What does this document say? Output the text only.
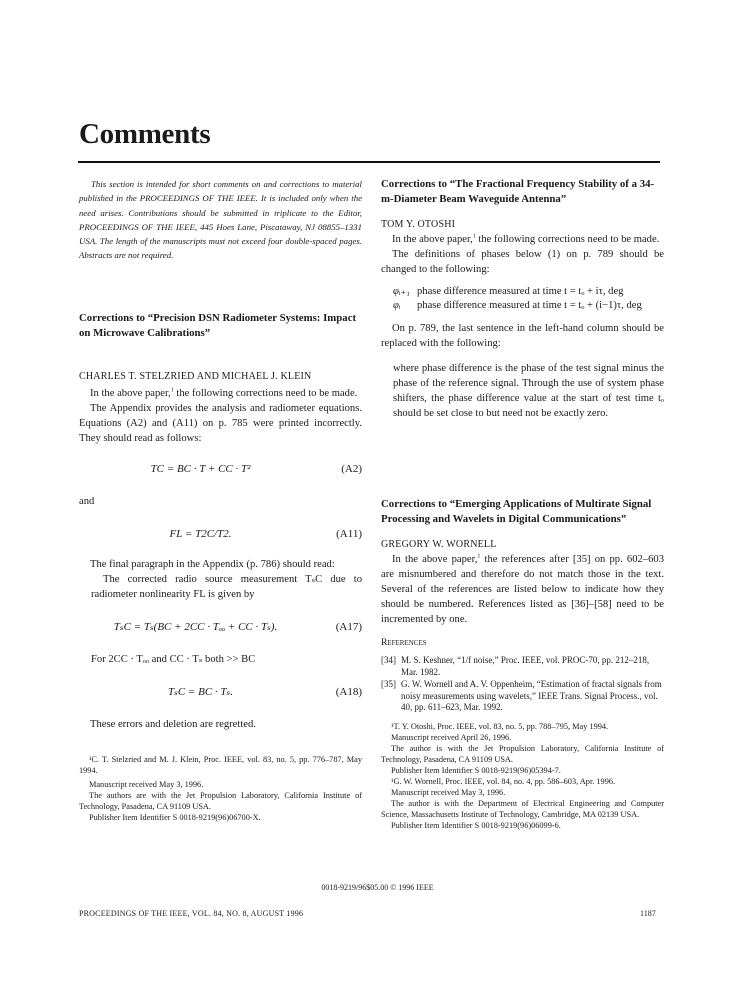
Comments

This section is intended for short comments on and corrections to material published in the PROCEEDINGS OF THE IEEE. It is included only when the need arises. Contributions should be submitted in triplicate to the Editor, PROCEEDINGS OF THE IEEE, 445 Hoes Lane, Piscataway, NJ 08855–1331 USA. The length of the manuscripts must not exceed four double-spaced pages. Abstracts are not required.

Corrections to “Precision DSN Radiometer Systems: Impact on Microwave Calibrations”

CHARLES T. STELZRIED AND MICHAEL J. KLEIN

In the above paper,$^1$ the following corrections need to be made.

The Appendix provides the analysis and radiometer equations. Equations (A2) and (A11) on p. 785 were printed incorrectly. They should read as follows:

TC = BC · T + CC · T²	(A2)

and

FL = T2C/T2.	(A11)

The final paragraph in the Appendix (p. 786) should read:

The corrected radio source measurement TₛC due to radiometer nonlinearity FL is given by

TₛC = Tₛ(BC + 2CC · Tₒₒ + CC · Tₛ).	(A17)

For 2CC · Tₒₒ and CC · Tₛ both >> BC

TₛC = BC · Tₛ.	(A18)

These errors and deletion are regretted.

¹C. T. Stelzried and M. J. Klein, Proc. IEEE, vol. 83, no. 5, pp. 776–787, May 1994.

Manuscript received May 3, 1996.

The authors are with the Jet Propulsion Laboratory, California Institute of Technology, Pasadena, CA 91109 USA.

Publisher Item Identifier S 0018-9219(96)06700-X.

Corrections to “The Fractional Frequency Stability of a 34-m-Diameter Beam Waveguide Antenna”

TOM Y. OTOSHI

In the above paper,$^1$ the following corrections need to be made.

The definitions of phases below (1) on p. 789 should be changed to the following:

φᵢ₊₁ phase difference measured at time t = tₒ + iτ, deg
φᵢ	phase difference measured at time t = tₒ + (i−1)τ, deg

On p. 789, the last sentence in the left-hand column should be replaced with the following:

where phase difference is the phase of the test signal minus the phase of the reference signal. Through the use of system phase shifters, the phase difference value at the start of test time tₒ should be set close to but need not be exactly zero.

Corrections to “Emerging Applications of Multirate Signal Processing and Wavelets in Digital Communications”

GREGORY W. WORNELL

In the above paper,$^1$ the references after [35] on pp. 602–603 are misnumbered and therefore do not match those in the text. Several of the references are listed below to indicate how they should be numbered. References listed as [36]–[58] need to be incremented by one.

References

[34] M. S. Keshner, “1/f noise,” Proc. IEEE, vol. PROC-70, pp. 212–218, Mar. 1982.
[35] G. W. Wornell and A. V. Oppenheim, “Estimation of fractal signals from noisy measurements using wavelets,” IEEE Trans. Signal Process., vol. 40, pp. 611–623, Mar. 1992.

¹T. Y. Otoshi, Proc. IEEE, vol. 83, no. 5, pp. 788–795, May 1994.

Manuscript received April 26, 1996.

The author is with the Jet Propulsion Laboratory, California Institute of Technology, Pasadena, CA 91109 USA.

Publisher Item Identifier S 0018-9219(96)05394-7.

¹G. W. Wornell, Proc. IEEE, vol. 84, no. 4, pp. 586–603, Apr. 1996.

Manuscript received May 3, 1996.

The author is with the Department of Electrical Engineering and Computer Science, Massachusetts Institute of Technology, Cambridge, MA 02139 USA.

Publisher Item Identifier S 0018-9219(96)06099-6.

0018-9219/96$05.00 © 1996 IEEE
PROCEEDINGS OF THE IEEE, VOL. 84, NO. 8, AUGUST 1996	1187
